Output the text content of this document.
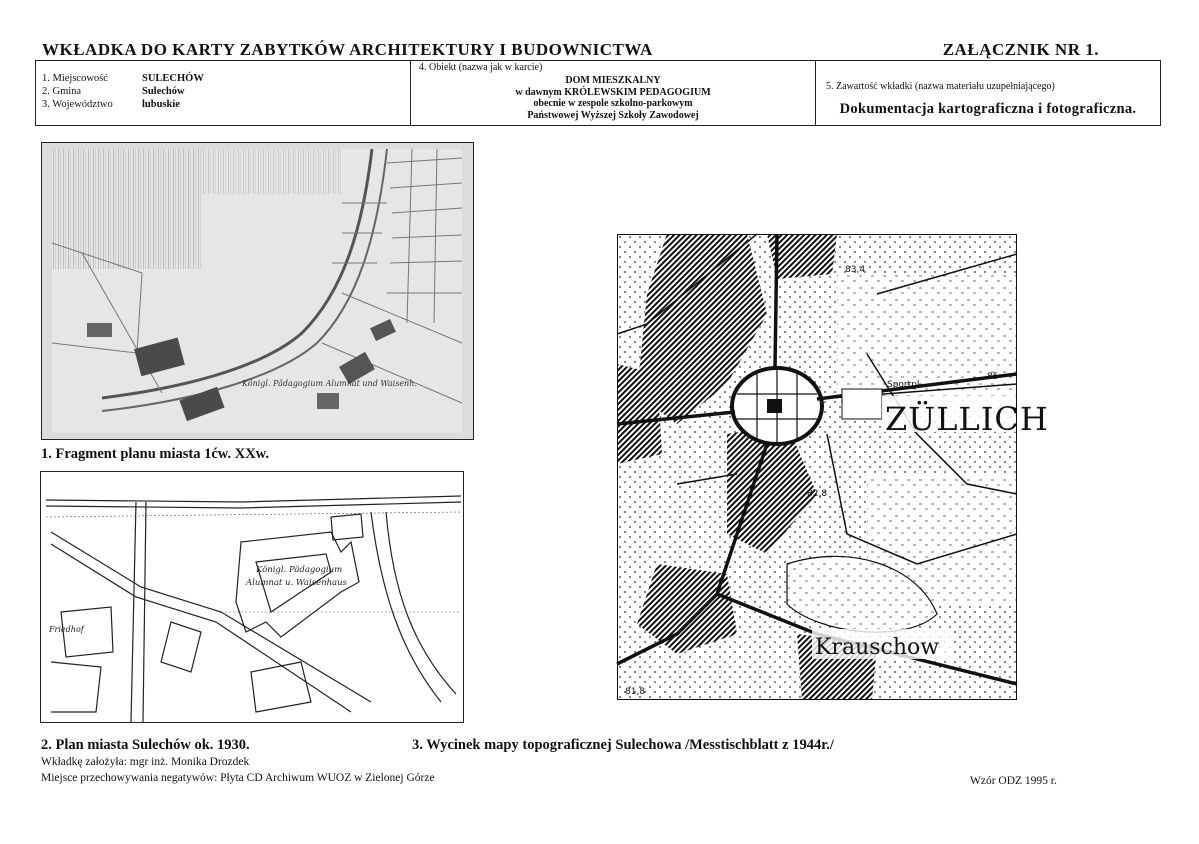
WKŁADKA DO KARTY ZABYTKÓW ARCHITEKTURY I BUDOWNICTWA	ZAŁĄCZNIK NR 1.
1. Miejscowość	SULECHÓW
2. Gmina	Sulechów
3. Województwo	lubuskie
4. Obiekt (nazwa jak w karcie)
DOM MIESZKALNY
w dawnym KRÓLEWSKIM PEDAGOGIUM
obecnie w zespole szkolno-parkowym
Państwowej Wyższej Szkoły Zawodowej
5. Zawartość wkładki (nazwa materiału uzupełniającego)
Dokumentacja kartograficzna i fotograficzna.
Königl. Pädagogium Alumnat und Waisenh.
1. Fragment planu miasta 1ćw. XXw.
Königl. Pädagogium
Alumnat u. Waisenhaus
Friedhof
2. Plan miasta Sulechów ok. 1930.
Sportpl.
ZÜLLICH
Krauschow
83,4
82,8
81,8
85
3. Wycinek mapy topograficznej Sulechowa /Messtischblatt z 1944r./
Wkładkę założyła: mgr inż. Monika Drozdek
Miejsce przechowywania negatywów: Płyta CD Archiwum WUOZ w Zielonej Górze	Wzór ODZ 1995 r.
